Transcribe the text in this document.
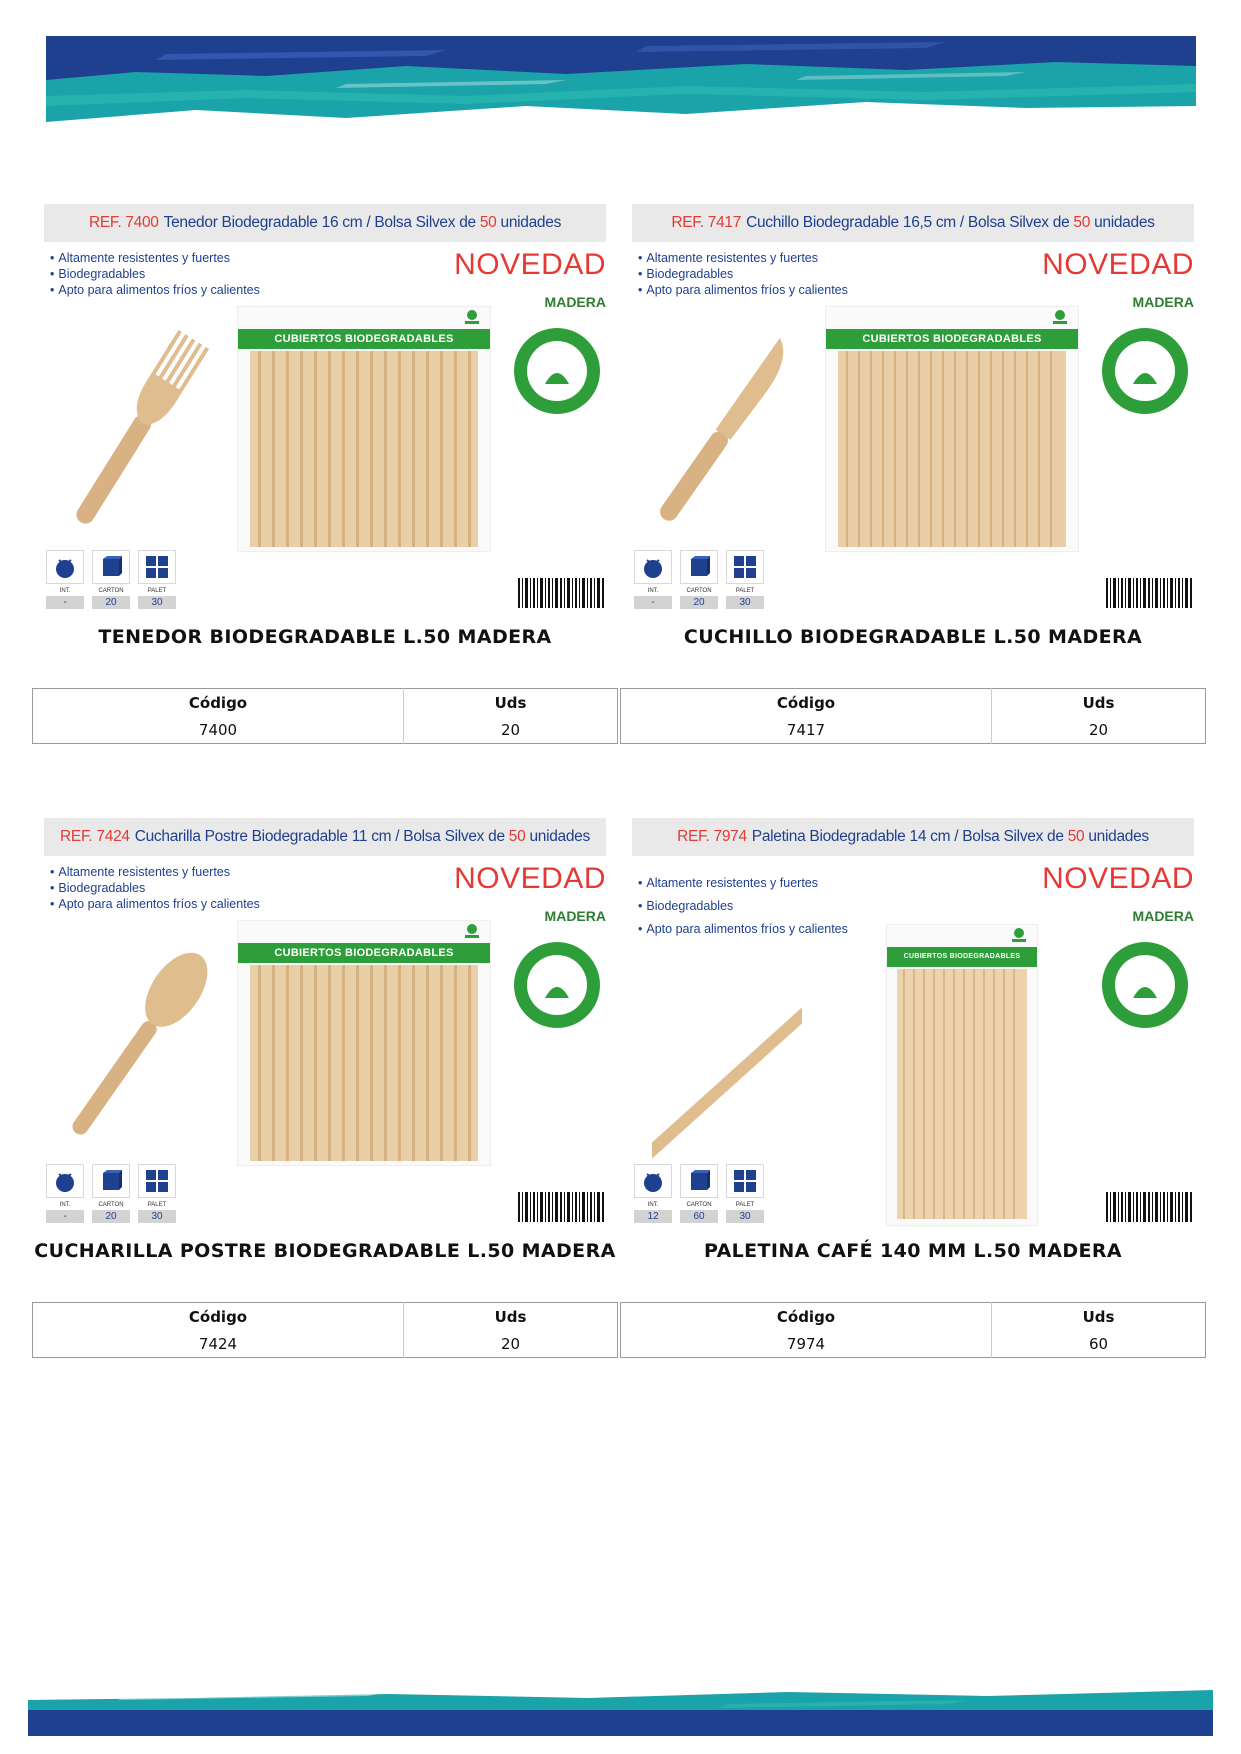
REF. 7400 Tenedor Biodegradable 16 cm / Bolsa Silvex de 50 unidades
• Altamente resistentes y fuertes
• Biodegradables
• Apto para alimentos fríos y calientes
NOVEDAD
MADERA
CUBIERTOS BIODEGRADABLES
INT.
-
CARTON
20
PALET
30
TENEDOR BIODEGRADABLE L.50 MADERA
Código	Uds
7400	20
REF. 7417 Cuchillo Biodegradable 16,5 cm / Bolsa Silvex de 50 unidades
• Altamente resistentes y fuertes
• Biodegradables
• Apto para alimentos fríos y calientes
NOVEDAD
MADERA
CUBIERTOS BIODEGRADABLES
INT.
-
CARTON
20
PALET
30
CUCHILLO BIODEGRADABLE L.50 MADERA
Código	Uds
7417	20
REF. 7424 Cucharilla Postre Biodegradable 11 cm / Bolsa Silvex de 50 unidades
• Altamente resistentes y fuertes
• Biodegradables
• Apto para alimentos fríos y calientes
NOVEDAD
MADERA
CUBIERTOS BIODEGRADABLES
INT.
-
CARTON
20
PALET
30
CUCHARILLA POSTRE BIODEGRADABLE L.50 MADERA
Código	Uds
7424	20
REF. 7974 Paletina Biodegradable 14 cm / Bolsa Silvex de 50 unidades
• Altamente resistentes y fuertes
• Biodegradables
• Apto para alimentos fríos y calientes
NOVEDAD
MADERA
CUBIERTOS BIODEGRADABLES
INT.
12
CARTON
60
PALET
30
PALETINA CAFÉ 140 MM L.50 MADERA
Código	Uds
7974	60
